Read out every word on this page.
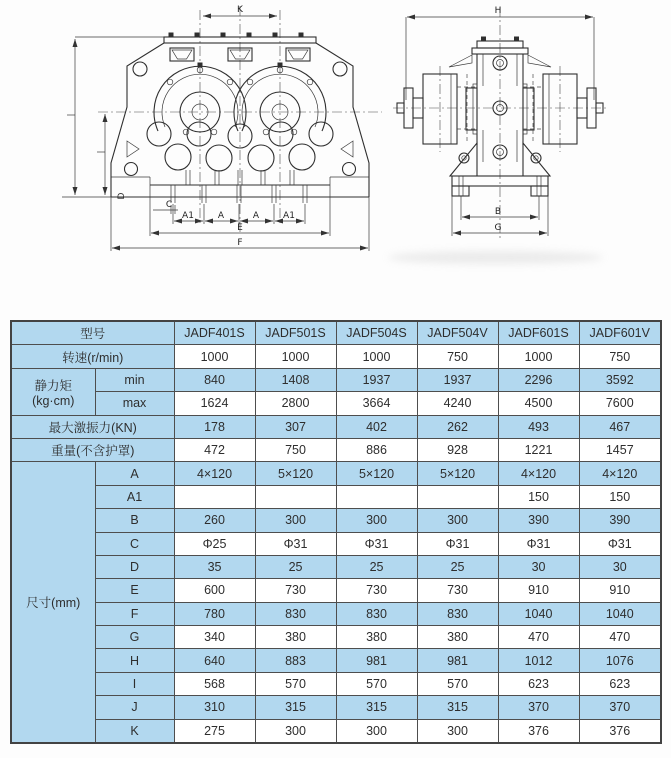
K
C
D
A1	A	A	A1
E
F
H
B
G
型号		JADF401S	JADF501S	JADF504S	JADF504V	JADF601S	JADF601V
转速(r/min)		1000	1000	1000	750	1000	750
静力矩
(kg·cm)	min	840	1408	1937	1937	2296	3592
	max	1624	2800	3664	4240	4500	7600
最大激振力(KN)		178	307	402	262	493	467
重量(不含护罩)		472	750	886	928	1221	1457
尺寸(mm)	A	4×120	5×120	5×120	5×120	4×120	4×120
	A1					150	150
	B	260	300	300	300	390	390
	C	Φ25	Φ31	Φ31	Φ31	Φ31	Φ31
	D	35	25	25	25	30	30
	E	600	730	730	730	910	910
	F	780	830	830	830	1040	1040
	G	340	380	380	380	470	470
	H	640	883	981	981	1012	1076
	I	568	570	570	570	623	623
	J	310	315	315	315	370	370
	K	275	300	300	300	376	376
